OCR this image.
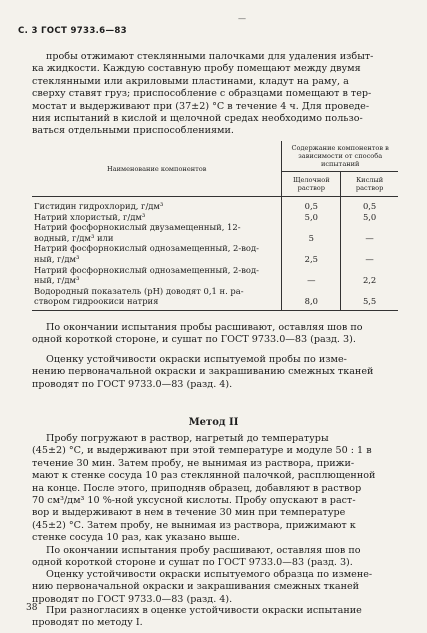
С. 3 ГОСТ 9733.6—83
—
пробы отжимают стеклянными палочками для удаления избыт-
ка жидкости. Каждую составную пробу помещают между двумя
стеклянными или акриловыми пластинами, кладут на раму, а
сверху ставят груз; приспособление с образцами помещают в тер-
мостат и выдерживают при (37±2) °С в течение 4 ч. Для проведе-
ния испытаний в кислой и щелочной средах необходимо пользо-
ваться отдельными приспособлениями.
Наименование компонентов	Содержание компонентов в зависимости от способа испытаний	
	Щелочной раствор	Кислый раствор

Гистидин гидрохлорид, г/дм³	0,5	0,5

Натрий хлористый, г/дм³	5,0	5,0

Натрий фосфорнокислый двузамещенный, 12-
водный, г/дм³ или	5	—

Натрий фосфорнокислый однозамещенный, 2-вод-
ный, г/дм³	2,5	—

Натрий фосфорнокислый однозамещенный, 2-вод-
ный, г/дм³	—	2,2

Водородный показатель (рН) доводят 0,1 н. ра-
створом гидроокиси натрия	8,0	5,5
По окончании испытания пробы расшивают, оставляя шов по
одной короткой стороне, и сушат по ГОСТ 9733.0—83 (разд. 3).
Оценку устойчивости окраски испытуемой пробы по изме-
нению первоначальной окраски и закрашиванию смежных тканей
проводят по ГОСТ 9733.0—83 (разд. 4).
Метод II
Пробу погружают в раствор, нагретый до температуры
(45±2) °С, и выдерживают при этой температуре и модуле 50 : 1 в
течение 30 мин. Затем пробу, не вынимая из раствора, прижи-
мают к стенке сосуда 10 раз стеклянной палочкой, расплющенной
на конце. После этого, приподняв образец, добавляют в раствор
70 см³/дм³ 10 %-ной уксусной кислоты. Пробу опускают в раст-
вор и выдерживают в нем в течение 30 мин при температуре
(45±2) °С. Затем пробу, не вынимая из раствора, прижимают к
стенке сосуда 10 раз, как указано выше.
По окончании испытания пробу расшивают, оставляя шов по
одной короткой стороне и сушат по ГОСТ 9733.0—83 (разд. 3).
Оценку устойчивости окраски испытуемого образца по измене-
нию первоначальной окраски и закрашивания смежных тканей
проводят по ГОСТ 9733.0—83 (разд. 4).
При разногласиях в оценке устойчивости окраски испытание
проводят по методу I.
38
